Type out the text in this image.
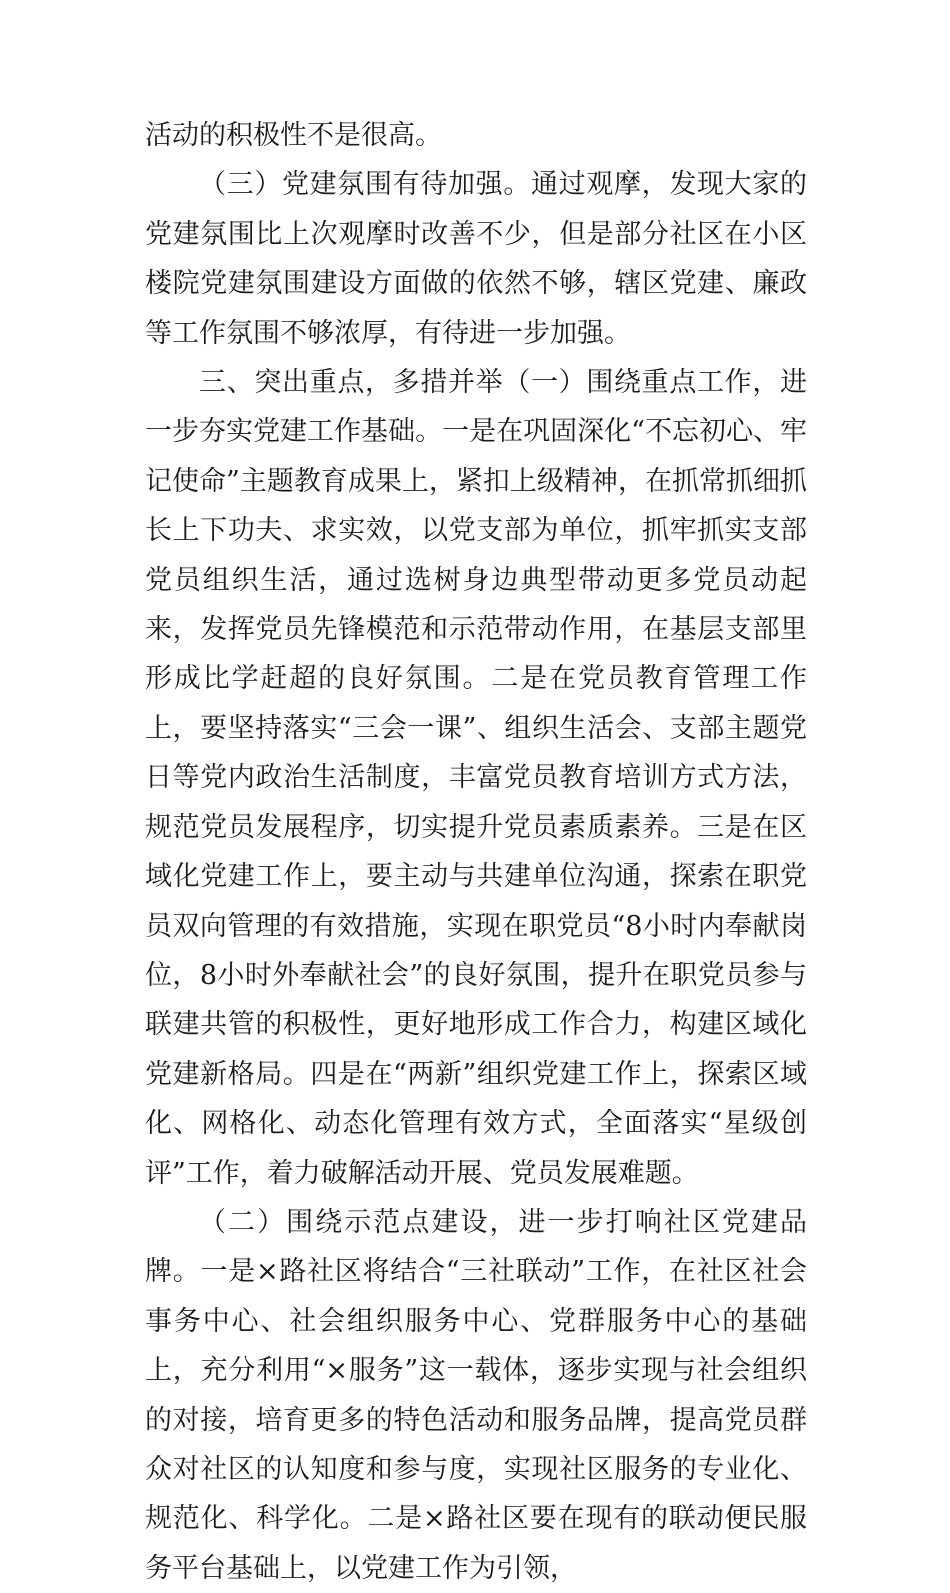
活动的积极性不是很高。

（三）党建氛围有待加强。通过观摩，发现大家的党建氛围比上次观摩时改善不少，但是部分社区在小区楼院党建氛围建设方面做的依然不够，辖区党建、廉政等工作氛围不够浓厚，有待进一步加强。

三、突出重点，多措并举（一）围绕重点工作，进一步夯实党建工作基础。一是在巩固深化“不忘初心、牢记使命”主题教育成果上，紧扣上级精神，在抓常抓细抓长上下功夫、求实效，以党支部为单位，抓牢抓实支部党员组织生活，通过选树身边典型带动更多党员动起来，发挥党员先锋模范和示范带动作用，在基层支部里形成比学赶超的良好氛围。二是在党员教育管理工作上，要坚持落实“三会一课”、组织生活会、支部主题党日等党内政治生活制度，丰富党员教育培训方式方法，规范党员发展程序，切实提升党员素质素养。三是在区域化党建工作上，要主动与共建单位沟通，探索在职党员双向管理的有效措施，实现在职党员“8小时内奉献岗位，8小时外奉献社会”的良好氛围，提升在职党员参与联建共管的积极性，更好地形成工作合力，构建区域化党建新格局。四是在“两新”组织党建工作上，探索区域化、网格化、动态化管理有效方式，全面落实“星级创评”工作，着力破解活动开展、党员发展难题。

（二）围绕示范点建设，进一步打响社区党建品牌。一是×路社区将结合“三社联动”工作，在社区社会事务中心、社会组织服务中心、党群服务中心的基础上，充分利用“×服务”这一载体，逐步实现与社会组织的对接，培育更多的特色活动和服务品牌，提高党员群众对社区的认知度和参与度，实现社区服务的专业化、规范化、科学化。二是×路社区要在现有的联动便民服务平台基础上，以党建工作为引领，
